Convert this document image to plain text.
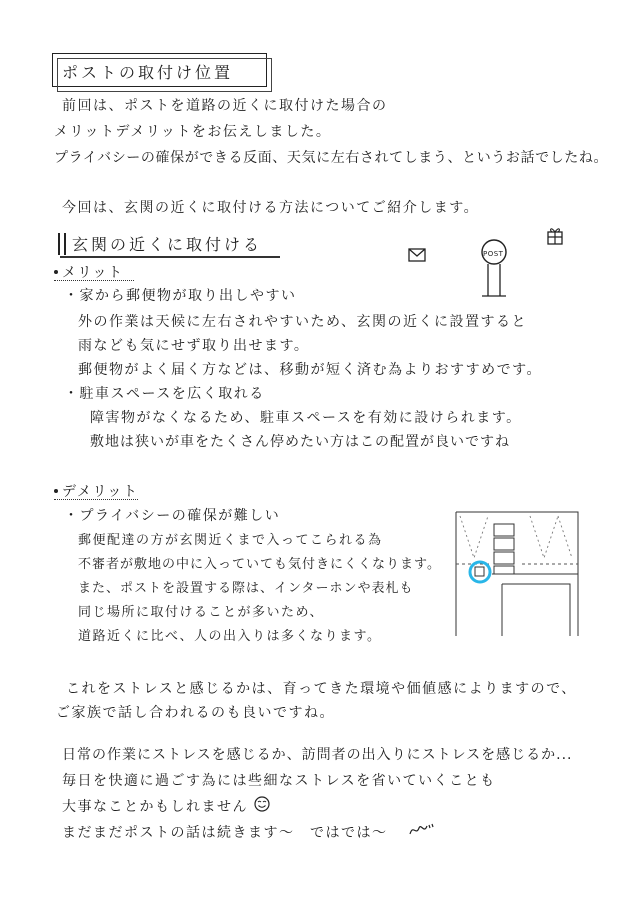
ポストの取付け位置
前回は、ポストを道路の近くに取付けた場合の
メリットデメリットをお伝えしました。
プライバシーの確保ができる反面、天気に左右されてしまう、というお話でしたね。
今回は、玄関の近くに取付ける方法についてご紹介します。
玄関の近くに取付ける	POST
メリット
・家から郵便物が取り出しやすい
外の作業は天候に左右されやすいため、玄関の近くに設置すると
雨なども気にせず取り出せます。
郵便物がよく届く方などは、移動が短く済む為よりおすすめです。
・駐車スペースを広く取れる
障害物がなくなるため、駐車スペースを有効に設けられます。
敷地は狭いが車をたくさん停めたい方はこの配置が良いですね
デメリット
・プライバシーの確保が難しい
郵便配達の方が玄関近くまで入ってこられる為
不審者が敷地の中に入っていても気付きにくくなります。
また、ポストを設置する際は、インターホンや表札も
同じ場所に取付けることが多いため、
道路近くに比べ、人の出入りは多くなります。
これをストレスと感じるかは、育ってきた環境や価値感によりますので、
ご家族で話し合われるのも良いですね。
日常の作業にストレスを感じるか、訪問者の出入りにストレスを感じるか...
毎日を快適に過ごす為には些細なストレスを省いていくことも
大事なことかもしれません
まだまだポストの話は続きます～　ではでは～
